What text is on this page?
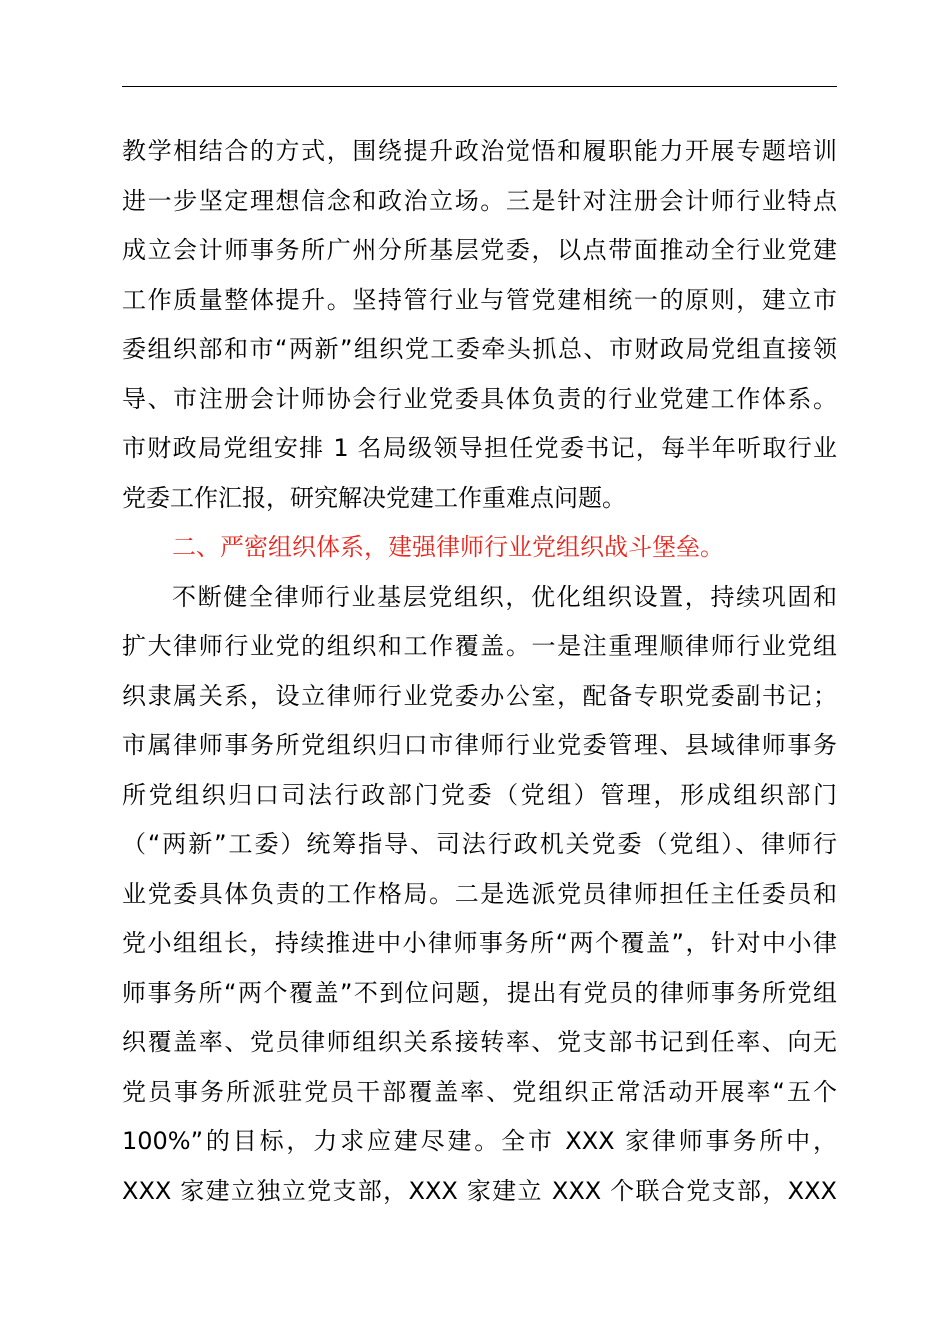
教学相结合的方式，围绕提升政治觉悟和履职能力开展专题培训
进一步坚定理想信念和政治立场。三是针对注册会计师行业特点
成立会计师事务所广州分所基层党委，以点带面推动全行业党建
工作质量整体提升。坚持管行业与管党建相统一的原则，建立市
委组织部和市“两新”组织党工委牵头抓总、市财政局党组直接领
导、市注册会计师协会行业党委具体负责的行业党建工作体系。
市财政局党组安排 1 名局级领导担任党委书记，每半年听取行业
党委工作汇报，研究解决党建工作重难点问题。
二、严密组织体系，建强律师行业党组织战斗堡垒。
不断健全律师行业基层党组织，优化组织设置，持续巩固和
扩大律师行业党的组织和工作覆盖。一是注重理顺律师行业党组
织隶属关系，设立律师行业党委办公室，配备专职党委副书记；
市属律师事务所党组织归口市律师行业党委管理、县域律师事务
所党组织归口司法行政部门党委（党组）管理，形成组织部门
（“两新”工委）统筹指导、司法行政机关党委（党组）、律师行
业党委具体负责的工作格局。二是选派党员律师担任主任委员和
党小组组长，持续推进中小律师事务所“两个覆盖”，针对中小律
师事务所“两个覆盖”不到位问题，提出有党员的律师事务所党组
织覆盖率、党员律师组织关系接转率、党支部书记到任率、向无
党员事务所派驻党员干部覆盖率、党组织正常活动开展率“五个
100%”的目标，力求应建尽建。全市 XXX 家律师事务所中，
XXX 家建立独立党支部，XXX 家建立 XXX 个联合党支部，XXX
